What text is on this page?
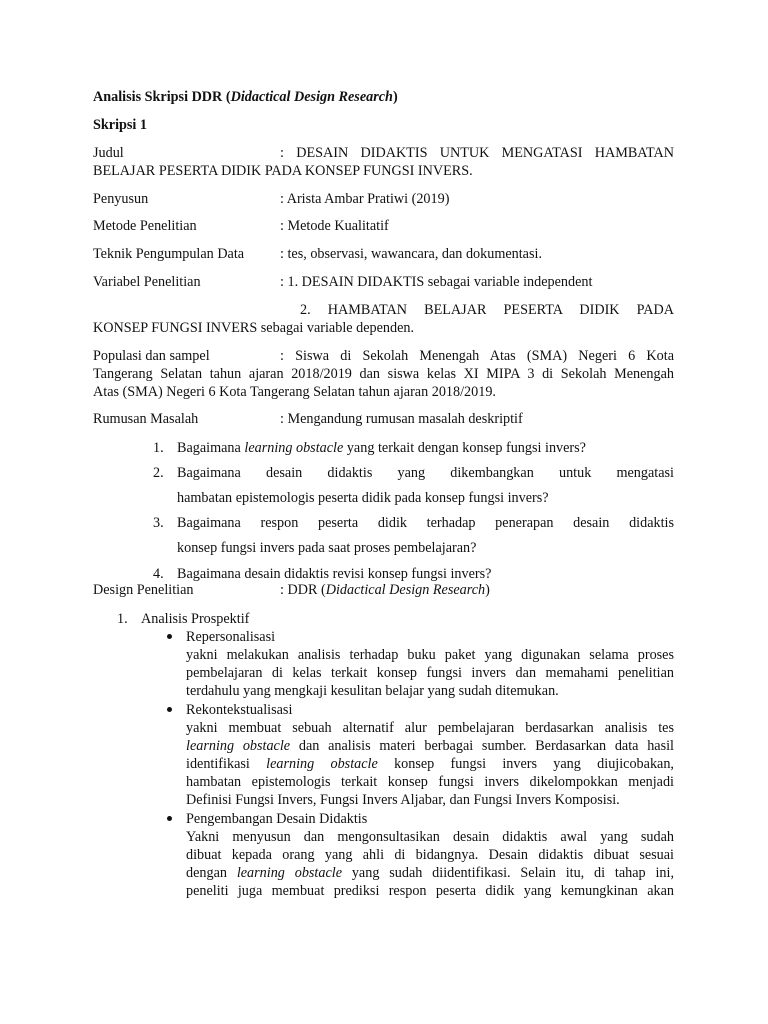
Analisis Skripsi DDR (Didactical Design Research)
Skripsi 1
Judul	: DESAIN DIDAKTIS UNTUK MENGATASI HAMBATAN
BELAJAR PESERTA DIDIK PADA KONSEP FUNGSI INVERS.
Penyusun	: Arista Ambar Pratiwi (2019)
Metode Penelitian	: Metode Kualitatif
Teknik Pengumpulan Data	: tes, observasi, wawancara, dan dokumentasi.
Variabel Penelitian	: 1. DESAIN DIDAKTIS sebagai variable independent
2. HAMBATAN BELAJAR PESERTA DIDIK PADA
KONSEP FUNGSI INVERS sebagai variable dependen.
Populasi dan sampel	: Siswa di Sekolah Menengah Atas (SMA) Negeri 6 Kota
Tangerang Selatan tahun ajaran 2018/2019 dan siswa kelas XI MIPA 3 di Sekolah Menengah
Atas (SMA) Negeri 6 Kota Tangerang Selatan tahun ajaran 2018/2019.
Rumusan Masalah	: Mengandung rumusan masalah deskriptif
1. Bagaimana learning obstacle yang terkait dengan konsep fungsi invers?
2. Bagaimana desain didaktis yang dikembangkan untuk mengatasi
hambatan epistemologis peserta didik pada konsep fungsi invers?
3. Bagaimana respon peserta didik terhadap penerapan desain didaktis
konsep fungsi invers pada saat proses pembelajaran?
4. Bagaimana desain didaktis revisi konsep fungsi invers?
Design Penelitian	: DDR (Didactical Design Research)
1. Analisis Prospektif
Repersonalisasi
yakni melakukan analisis terhadap buku paket yang digunakan selama proses
pembelajaran di kelas terkait konsep fungsi invers dan memahami penelitian
terdahulu yang mengkaji kesulitan belajar yang sudah ditemukan.
Rekontekstualisasi
yakni membuat sebuah alternatif alur pembelajaran berdasarkan analisis tes
learning obstacle dan analisis materi berbagai sumber. Berdasarkan data hasil
identifikasi learning obstacle konsep fungsi invers yang diujicobakan,
hambatan epistemologis terkait konsep fungsi invers dikelompokkan menjadi
Definisi Fungsi Invers, Fungsi Invers Aljabar, dan Fungsi Invers Komposisi.
Pengembangan Desain Didaktis
Yakni menyusun dan mengonsultasikan desain didaktis awal yang sudah
dibuat kepada orang yang ahli di bidangnya. Desain didaktis dibuat sesuai
dengan learning obstacle yang sudah diidentifikasi. Selain itu, di tahap ini,
peneliti juga membuat prediksi respon peserta didik yang kemungkinan akan
